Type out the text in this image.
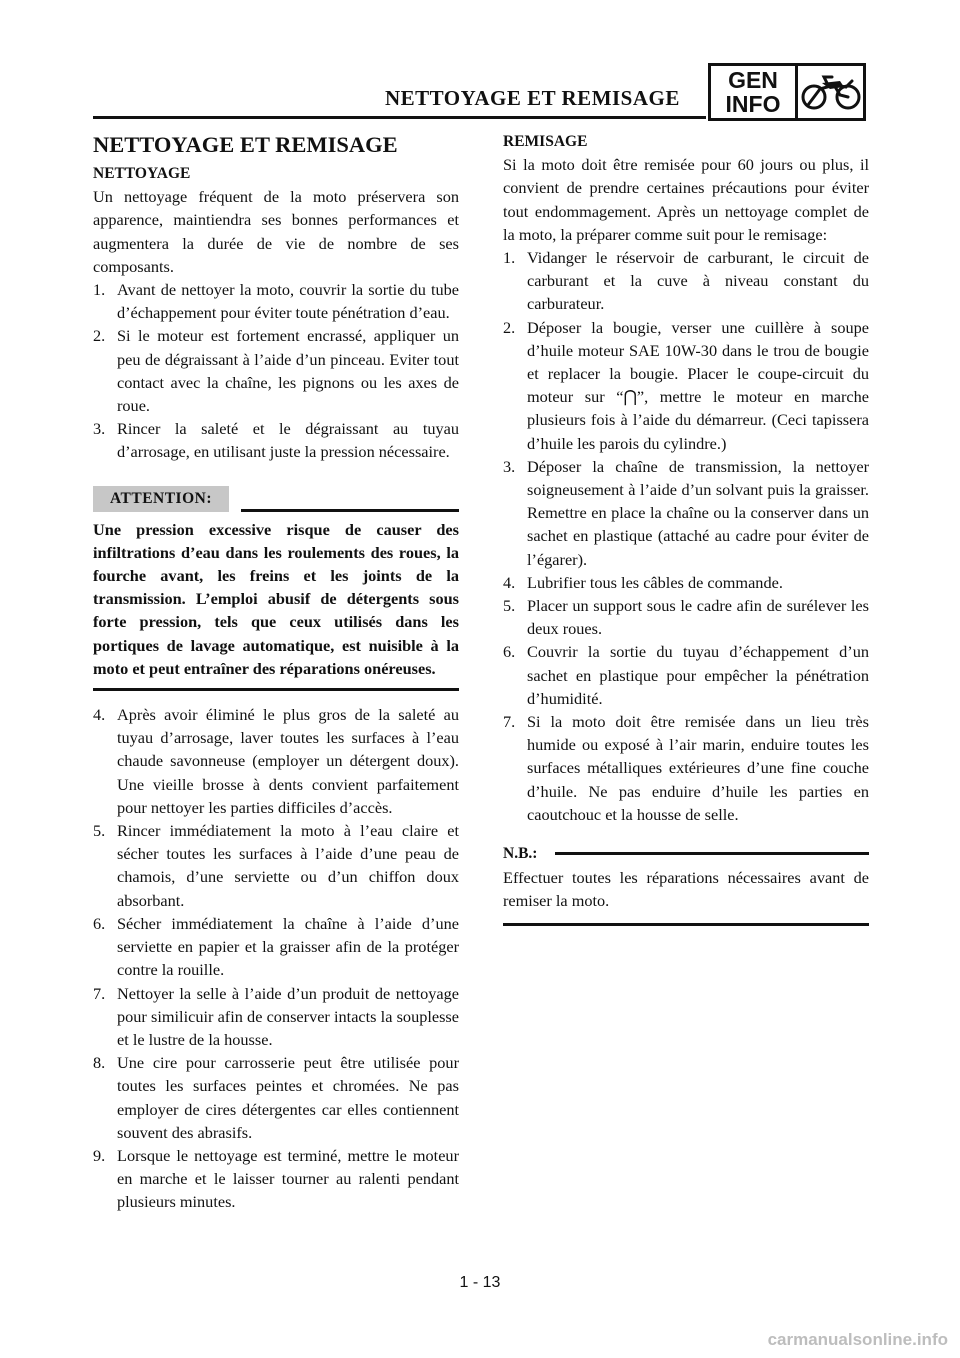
NETTOYAGE ET REMISAGE
GEN
INFO
NETTOYAGE ET REMISAGE
NETTOYAGE

Un nettoyage fréquent de la moto préservera son apparence, maintiendra ses bonnes performances et augmentera la durée de vie de nombre de ses composants.

1. Avant de nettoyer la moto, couvrir la sortie du tube d’échappement pour éviter toute pénétration d’eau.
2. Si le moteur est fortement encrassé, appliquer un peu de dégraissant à l’aide d’un pinceau. Eviter tout contact avec la chaîne, les pignons ou les axes de roue.
3. Rincer la saleté et le dégraissant au tuyau d’arrosage, en utilisant juste la pression nécessaire.
ATTENTION:

Une pression excessive risque de causer des infiltrations d’eau dans les roulements des roues, la fourche avant, les freins et les joints de la transmission. L’emploi abusif de détergents sous forte pression, tels que ceux utilisés dans les portiques de lavage automatique, est nuisible à la moto et peut entraîner des réparations onéreuses.

4. Après avoir éliminé le plus gros de la saleté au tuyau d’arrosage, laver toutes les surfaces à l’eau chaude savonneuse (employer un détergent doux). Une vieille brosse à dents convient parfaitement pour nettoyer les parties difficiles d’accès.
5. Rincer immédiatement la moto à l’eau claire et sécher toutes les surfaces à l’aide d’une peau de chamois, d’une serviette ou d’un chiffon doux absorbant.
6. Sécher immédiatement la chaîne à l’aide d’une serviette en papier et la graisser afin de la protéger contre la rouille.
7. Nettoyer la selle à l’aide d’un produit de nettoyage pour similicuir afin de conserver intacts la souplesse et le lustre de la housse.
8. Une cire pour carrosserie peut être utilisée pour toutes les surfaces peintes et chromées. Ne pas employer de cires détergentes car elles contiennent souvent des abrasifs.
9. Lorsque le nettoyage est terminé, mettre le moteur en marche et le laisser tourner au ralenti pendant plusieurs minutes.
REMISAGE

Si la moto doit être remisée pour 60 jours ou plus, il convient de prendre certaines précautions pour éviter tout endommagement. Après un nettoyage complet de la moto, la préparer comme suit pour le remisage:

1. Vidanger le réservoir de carburant, le circuit de carburant et la cuve à niveau constant du carburateur.
2. Déposer la bougie, verser une cuillère à soupe d’huile moteur SAE 10W-30 dans le trou de bougie et replacer la bougie. Placer le coupe-circuit du moteur sur “⋂”, mettre le moteur en marche plusieurs fois à l’aide du démarreur. (Ceci tapissera d’huile les parois du cylindre.)
3. Déposer la chaîne de transmission, la nettoyer soigneusement à l’aide d’un solvant puis la graisser. Remettre en place la chaîne ou la conserver dans un sachet en plastique (attaché au cadre pour éviter de l’égarer).
4. Lubrifier tous les câbles de commande.
5. Placer un support sous le cadre afin de surélever les deux roues.
6. Couvrir la sortie du tuyau d’échappement d’un sachet en plastique pour empêcher la pénétration d’humidité.
7. Si la moto doit être remisée dans un lieu très humide ou exposé à l’air marin, enduire toutes les surfaces métalliques extérieures d’une fine couche d’huile. Ne pas enduire d’huile les parties en caoutchouc et la housse de selle.
N.B.:

Effectuer toutes les réparations nécessaires avant de remiser la moto.

1 - 13
carmanualsonline.info
